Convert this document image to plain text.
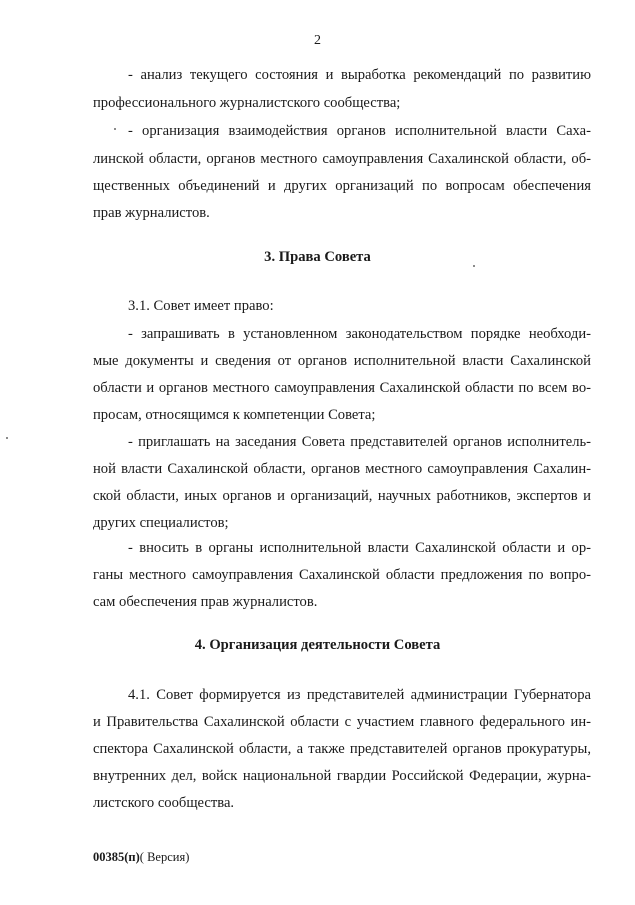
2
- анализ текущего состояния и выработка рекомендаций по развитию
профессионального журналистского сообщества;
- организация взаимодействия органов исполнительной власти Саха-
линской области, органов местного самоуправления Сахалинской области, об-
щественных объединений и других организаций по вопросам обеспечения
прав журналистов.
3. Права Совета
3.1. Совет имеет право:
- запрашивать в установленном законодательством порядке необходи-
мые документы и сведения от органов исполнительной власти Сахалинской
области и органов местного самоуправления Сахалинской области по всем во-
просам, относящимся к компетенции Совета;
- приглашать на заседания Совета представителей органов исполнитель-
ной власти Сахалинской области, органов местного самоуправления Сахалин-
ской области, иных органов и организаций, научных работников, экспертов и
других специалистов;
- вносить в органы исполнительной власти Сахалинской области и ор-
ганы местного самоуправления Сахалинской области предложения по вопро-
сам обеспечения прав журналистов.
4. Организация деятельности Совета
4.1. Совет формируется из представителей администрации Губернатора
и Правительства Сахалинской области с участием главного федерального ин-
спектора Сахалинской области, а также представителей органов прокуратуры,
внутренних дел, войск национальной гвардии Российской Федерации, журна-
листского сообщества.
00385(п)( Версия)
